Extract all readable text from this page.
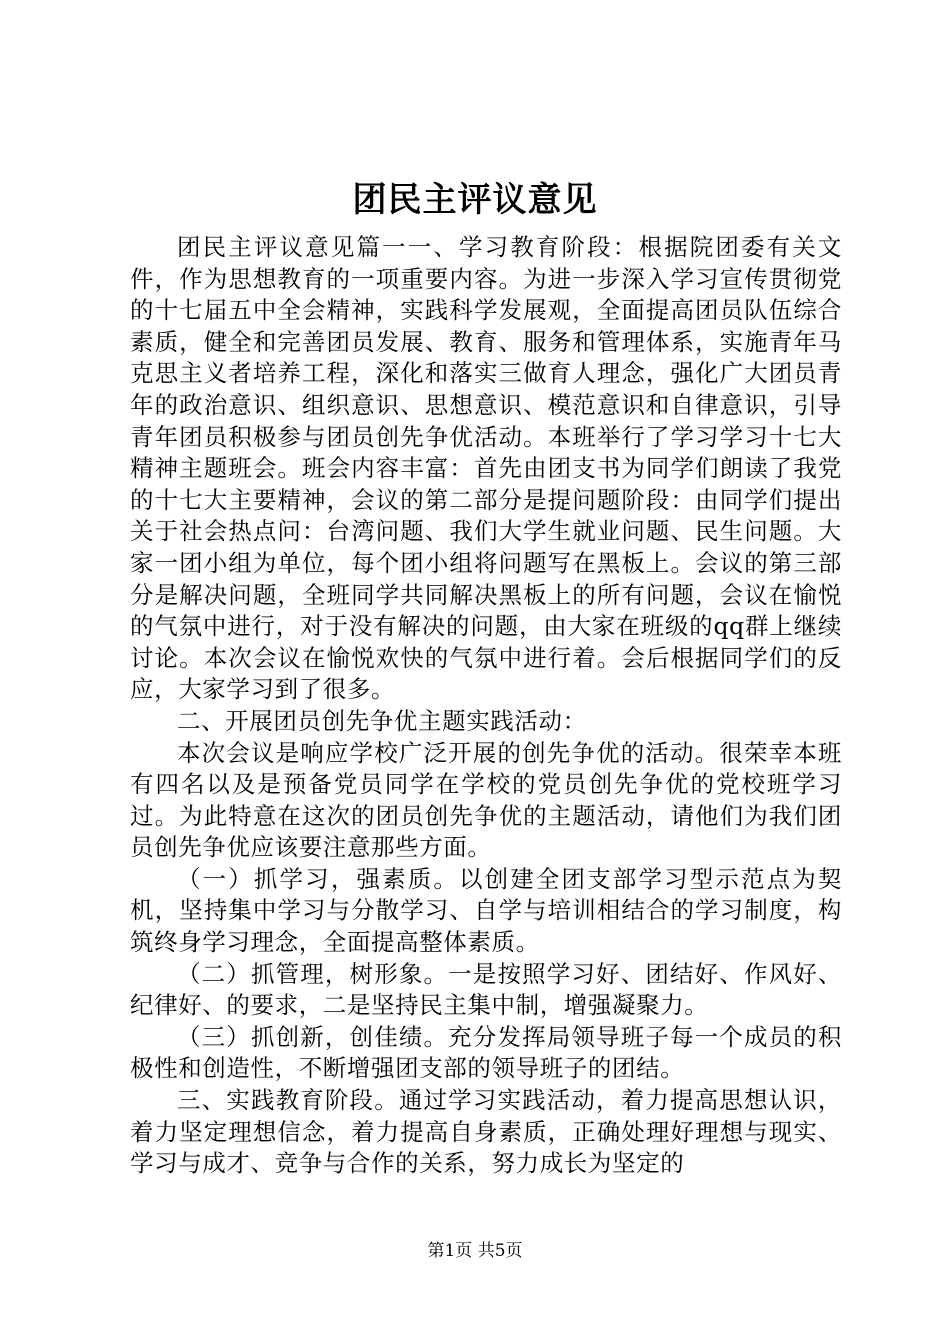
团民主评议意见

团民主评议意见篇一一、学习教育阶段：根据院团委有关文件，作为思想教育的一项重要内容。为进一步深入学习宣传贯彻党的十七届五中全会精神，实践科学发展观，全面提高团员队伍综合素质，健全和完善团员发展、教育、服务和管理体系，实施青年马克思主义者培养工程，深化和落实三做育人理念，强化广大团员青年的政治意识、组织意识、思想意识、模范意识和自律意识，引导青年团员积极参与团员创先争优活动。本班举行了学习学习十七大精神主题班会。班会内容丰富：首先由团支书为同学们朗读了我党的十七大主要精神，会议的第二部分是提问题阶段：由同学们提出关于社会热点问：台湾问题、我们大学生就业问题、民生问题。大家一团小组为单位，每个团小组将问题写在黑板上。会议的第三部分是解决问题，全班同学共同解决黑板上的所有问题，会议在愉悦的气氛中进行，对于没有解决的问题，由大家在班级的qq群上继续讨论。本次会议在愉悦欢快的气氛中进行着。会后根据同学们的反应，大家学习到了很多。

二、开展团员创先争优主题实践活动：

本次会议是响应学校广泛开展的创先争优的活动。很荣幸本班有四名以及是预备党员同学在学校的党员创先争优的党校班学习过。为此特意在这次的团员创先争优的主题活动，请他们为我们团员创先争优应该要注意那些方面。

（一）抓学习，强素质。以创建全团支部学习型示范点为契机，坚持集中学习与分散学习、自学与培训相结合的学习制度，构筑终身学习理念，全面提高整体素质。

（二）抓管理，树形象。一是按照学习好、团结好、作风好、纪律好、的要求，二是坚持民主集中制，增强凝聚力。

（三）抓创新，创佳绩。充分发挥局领导班子每一个成员的积极性和创造性，不断增强团支部的领导班子的团结。

三、实践教育阶段。通过学习实践活动，着力提高思想认识，着力坚定理想信念，着力提高自身素质，正确处理好理想与现实、学习与成才、竞争与合作的关系，努力成长为坚定的

第1页 共5页
